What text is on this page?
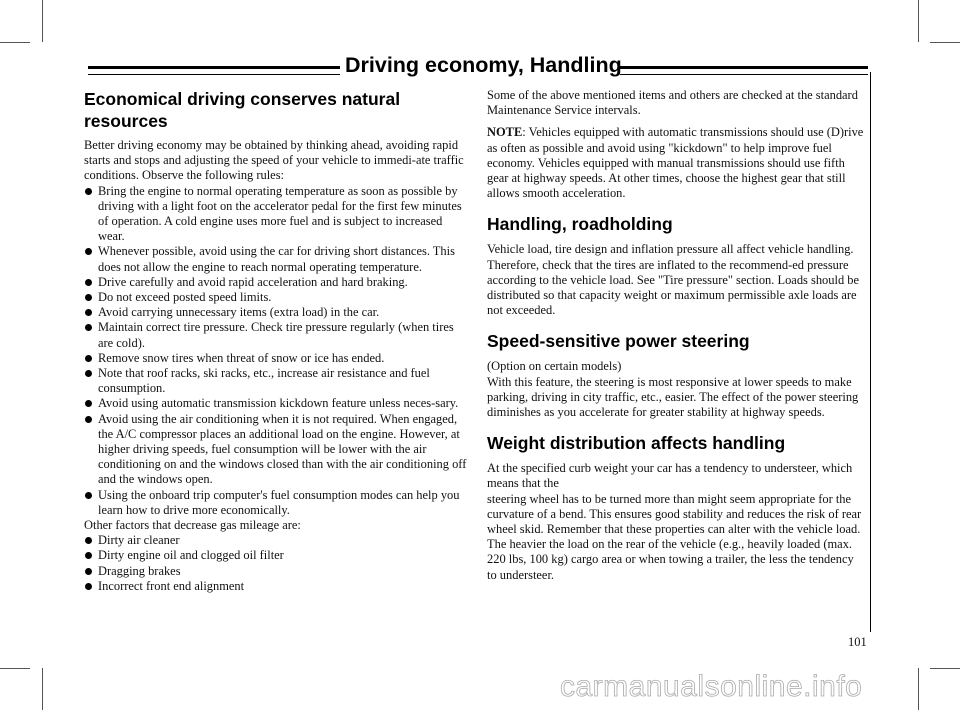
Driving economy, Handling
Economical driving conserves natural resources

Better driving economy may be obtained by thinking ahead, avoiding rapid starts and stops and adjusting the speed of your vehicle to immedi-ate traffic conditions. Observe the following rules:

Bring the engine to normal operating temperature as soon as possible by driving with a light foot on the accelerator pedal for the first few minutes of operation. A cold engine uses more fuel and is subject to increased wear.
Whenever possible, avoid using the car for driving short distances. This does not allow the engine to reach normal operating temperature.
Drive carefully and avoid rapid acceleration and hard braking.
Do not exceed posted speed limits.
Avoid carrying unnecessary items (extra load) in the car.
Maintain correct tire pressure. Check tire pressure regularly (when tires are cold).
Remove snow tires when threat of snow or ice has ended.
Note that roof racks, ski racks, etc., increase air resistance and fuel consumption.
Avoid using automatic transmission kickdown feature unless neces-sary.
Avoid using the air conditioning when it is not required. When engaged, the A/C compressor places an additional load on the engine. However, at higher driving speeds, fuel consumption will be lower with the air conditioning on and the windows closed than with the air conditioning off and the windows open.
Using the onboard trip computer's fuel consumption modes can help you learn how to drive more economically.

Other factors that decrease gas mileage are:

Dirty air cleaner
Dirty engine oil and clogged oil filter
Dragging brakes
Incorrect front end alignment

Some of the above mentioned items and others are checked at the standard Maintenance Service intervals.

NOTE: Vehicles equipped with automatic transmissions should use (D)rive as often as possible and avoid using "kickdown" to help improve fuel economy. Vehicles equipped with manual transmissions should use fifth gear at highway speeds. At other times, choose the highest gear that still allows smooth acceleration.

Handling, roadholding

Vehicle load, tire design and inflation pressure all affect vehicle handling. Therefore, check that the tires are inflated to the recommend-ed pressure according to the vehicle load. See "Tire pressure" section. Loads should be distributed so that capacity weight or maximum permissible axle loads are not exceeded.

Speed-sensitive power steering

(Option on certain models)

With this feature, the steering is most responsive at lower speeds to make parking, driving in city traffic, etc., easier. The effect of the power steering diminishes as you accelerate for greater stability at highway speeds.

Weight distribution affects handling

At the specified curb weight your car has a tendency to understeer, which means that the

steering wheel has to be turned more than might seem appropriate for the curvature of a bend. This ensures good stability and reduces the risk of rear wheel skid. Remember that these properties can alter with the vehicle load. The heavier the load on the rear of the vehicle (e.g., heavily loaded (max. 220 lbs, 100 kg) cargo area or when towing a trailer, the less the tendency to understeer.

101
carmanualsonline.info
